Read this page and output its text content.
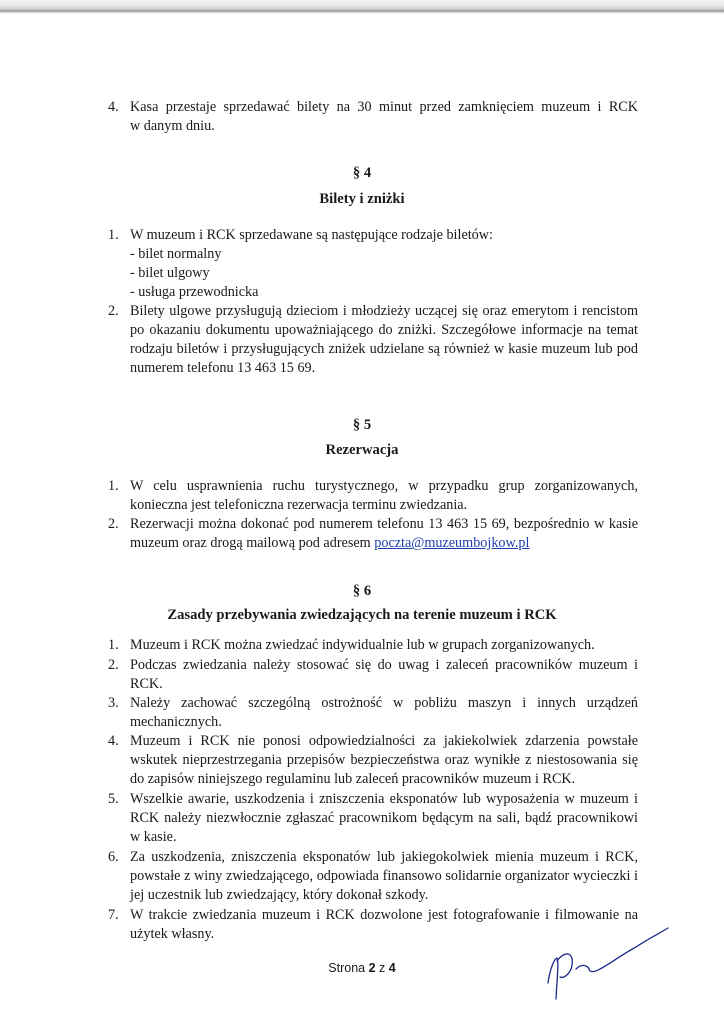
4. Kasa przestaje sprzedawać bilety na 30 minut przed zamknięciem muzeum i RCK
w danym dniu.
§ 4
Bilety i zniżki
1. W muzeum i RCK sprzedawane są następujące rodzaje biletów:
- bilet normalny
- bilet ulgowy
- usługa przewodnicka
2. Bilety ulgowe przysługują dzieciom i młodzieży uczącej się oraz emerytom i rencistom po okazaniu dokumentu upoważniającego do zniżki. Szczegółowe informacje na temat rodzaju biletów i przysługujących zniżek udzielane są również w kasie muzeum lub pod numerem telefonu 13 463 15 69.
§ 5
Rezerwacja
1. W celu usprawnienia ruchu turystycznego, w przypadku grup zorganizowanych, konieczna jest telefoniczna rezerwacja terminu zwiedzania.
2. Rezerwacji można dokonać pod numerem telefonu 13 463 15 69, bezpośrednio w kasie muzeum oraz drogą mailową pod adresem poczta@muzeumbojkow.pl
§ 6
Zasady przebywania zwiedzających na terenie muzeum i RCK
1. Muzeum i RCK można zwiedzać indywidualnie lub w grupach zorganizowanych.
2. Podczas zwiedzania należy stosować się do uwag i zaleceń pracowników muzeum i RCK.
3. Należy zachować szczególną ostrożność w pobliżu maszyn i innych urządzeń mechanicznych.
4. Muzeum i RCK nie ponosi odpowiedzialności za jakiekolwiek zdarzenia powstałe wskutek nieprzestrzegania przepisów bezpieczeństwa oraz wynikłe z niestosowania się do zapisów niniejszego regulaminu lub zaleceń pracowników muzeum i RCK.
5. Wszelkie awarie, uszkodzenia i zniszczenia eksponatów lub wyposażenia w muzeum i RCK należy niezwłocznie zgłaszać pracownikom będącym na sali, bądź pracownikowi w kasie.
6. Za uszkodzenia, zniszczenia eksponatów lub jakiegokolwiek mienia muzeum i RCK, powstałe z winy zwiedzającego, odpowiada finansowo solidarnie organizator wycieczki i jej uczestnik lub zwiedzający, który dokonał szkody.
7. W trakcie zwiedzania muzeum i RCK dozwolone jest fotografowanie i filmowanie na użytek własny.
Strona 2 z 4
